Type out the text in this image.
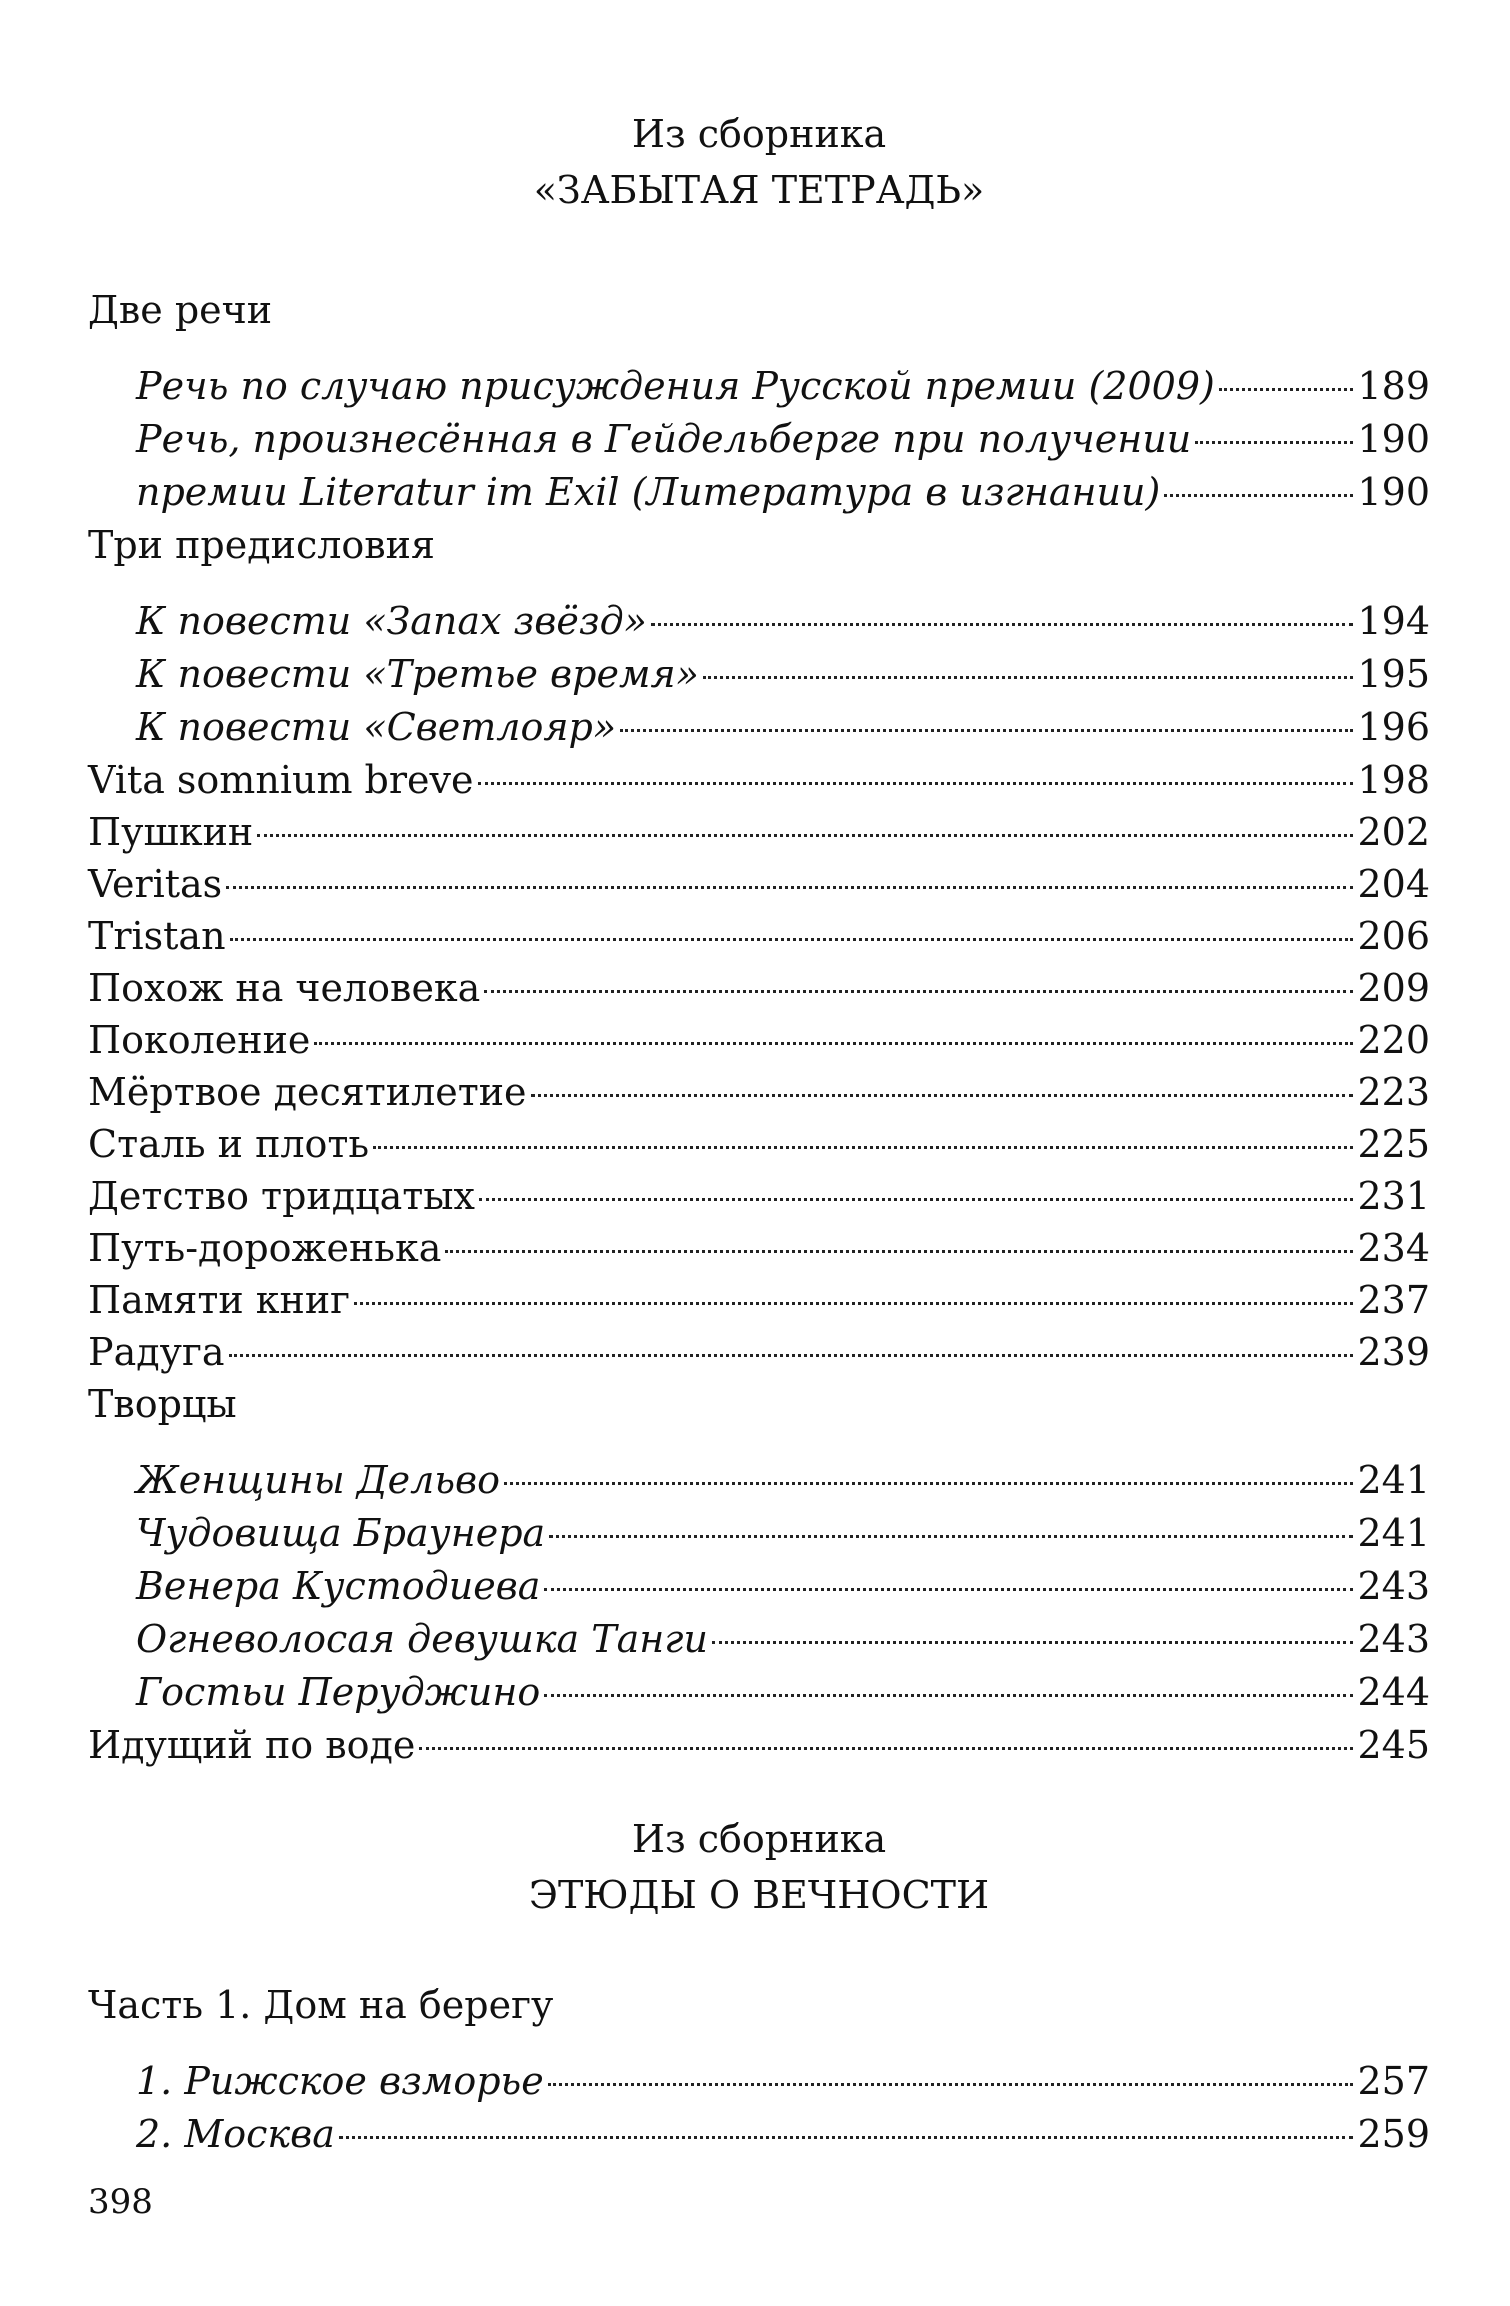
Из сборника
«ЗАБЫТАЯ ТЕТРАДЬ»
Две речи
Речь по случаю присуждения Русской премии (2009)	189
Речь, произнесённая в Гейдельберге при получении	190
премии Literatur im Exil (Литература в изгнании)	190
Три предисловия
К повести «Запах звёзд»	194
К повести «Третье время»	195
К повести «Светлояр»	196
Vita somnium breve	198
Пушкин	202
Veritas	204
Tristan	206
Похож на человека	209
Поколение	220
Мёртвое десятилетие	223
Сталь и плоть	225
Детство тридцатых	231
Путь-дороженька	234
Памяти книг	237
Радуга	239
Творцы
Женщины Дельво	241
Чудовища Браунера	241
Венера Кустодиева	243
Огневолосая девушка Танги	243
Гостьи Перуджино	244
Идущий по воде	245
Из сборника
ЭТЮДЫ О ВЕЧНОСТИ
Часть 1. Дом на берегу
1. Рижское взморье	257
2. Москва	259
398
